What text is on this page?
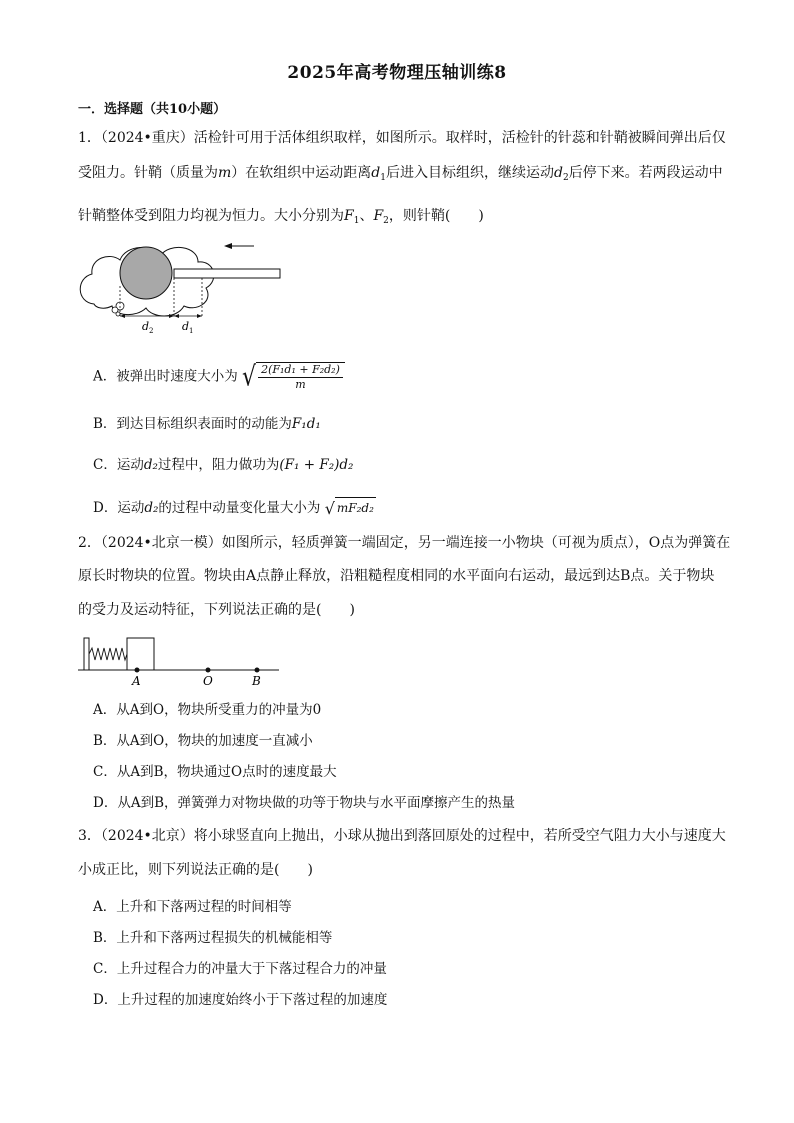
2025年高考物理压轴训练8
一．选择题（共10小题）
1．（2024•重庆）活检针可用于活体组织取样，如图所示。取样时，活检针的针蕊和针鞘被瞬间弹出后仅
受阻力。针鞘（质量为m）在软组织中运动距离$d_1$后进入目标组织，继续运动$d_2$后停下来。若两段运动中
针鞘整体受到阻力均视为恒力。大小分别为$F_1$、$F_2$，则针鞘(　　)
d 2	d 1
A．被弹出时速度大小为 √ $\frac{\text{2(F₁d₁ + F₂d₂)}}{m}$
B．到达目标组织表面时的动能为F₁d₁
C．运动d₂过程中，阻力做功为(F₁ + F₂)d₂
D．运动d₂的过程中动量变化量大小为 √ mF₂d₂
2．（2024•北京一模）如图所示，轻质弹簧一端固定，另一端连接一小物块（可视为质点），O点为弹簧在
原长时物块的位置。物块由A点静止释放，沿粗糙程度相同的水平面向右运动，最远到达B点。关于物块
的受力及运动特征，下列说法正确的是(　　)
A	O	B
A．从A到O，物块所受重力的冲量为0
B．从A到O，物块的加速度一直减小
C．从A到B，物块通过O点时的速度最大
D．从A到B，弹簧弹力对物块做的功等于物块与水平面摩擦产生的热量
3．（2024•北京）将小球竖直向上抛出，小球从抛出到落回原处的过程中，若所受空气阻力大小与速度大
小成正比，则下列说法正确的是(　　)
A．上升和下落两过程的时间相等
B．上升和下落两过程损失的机械能相等
C．上升过程合力的冲量大于下落过程合力的冲量
D．上升过程的加速度始终小于下落过程的加速度
